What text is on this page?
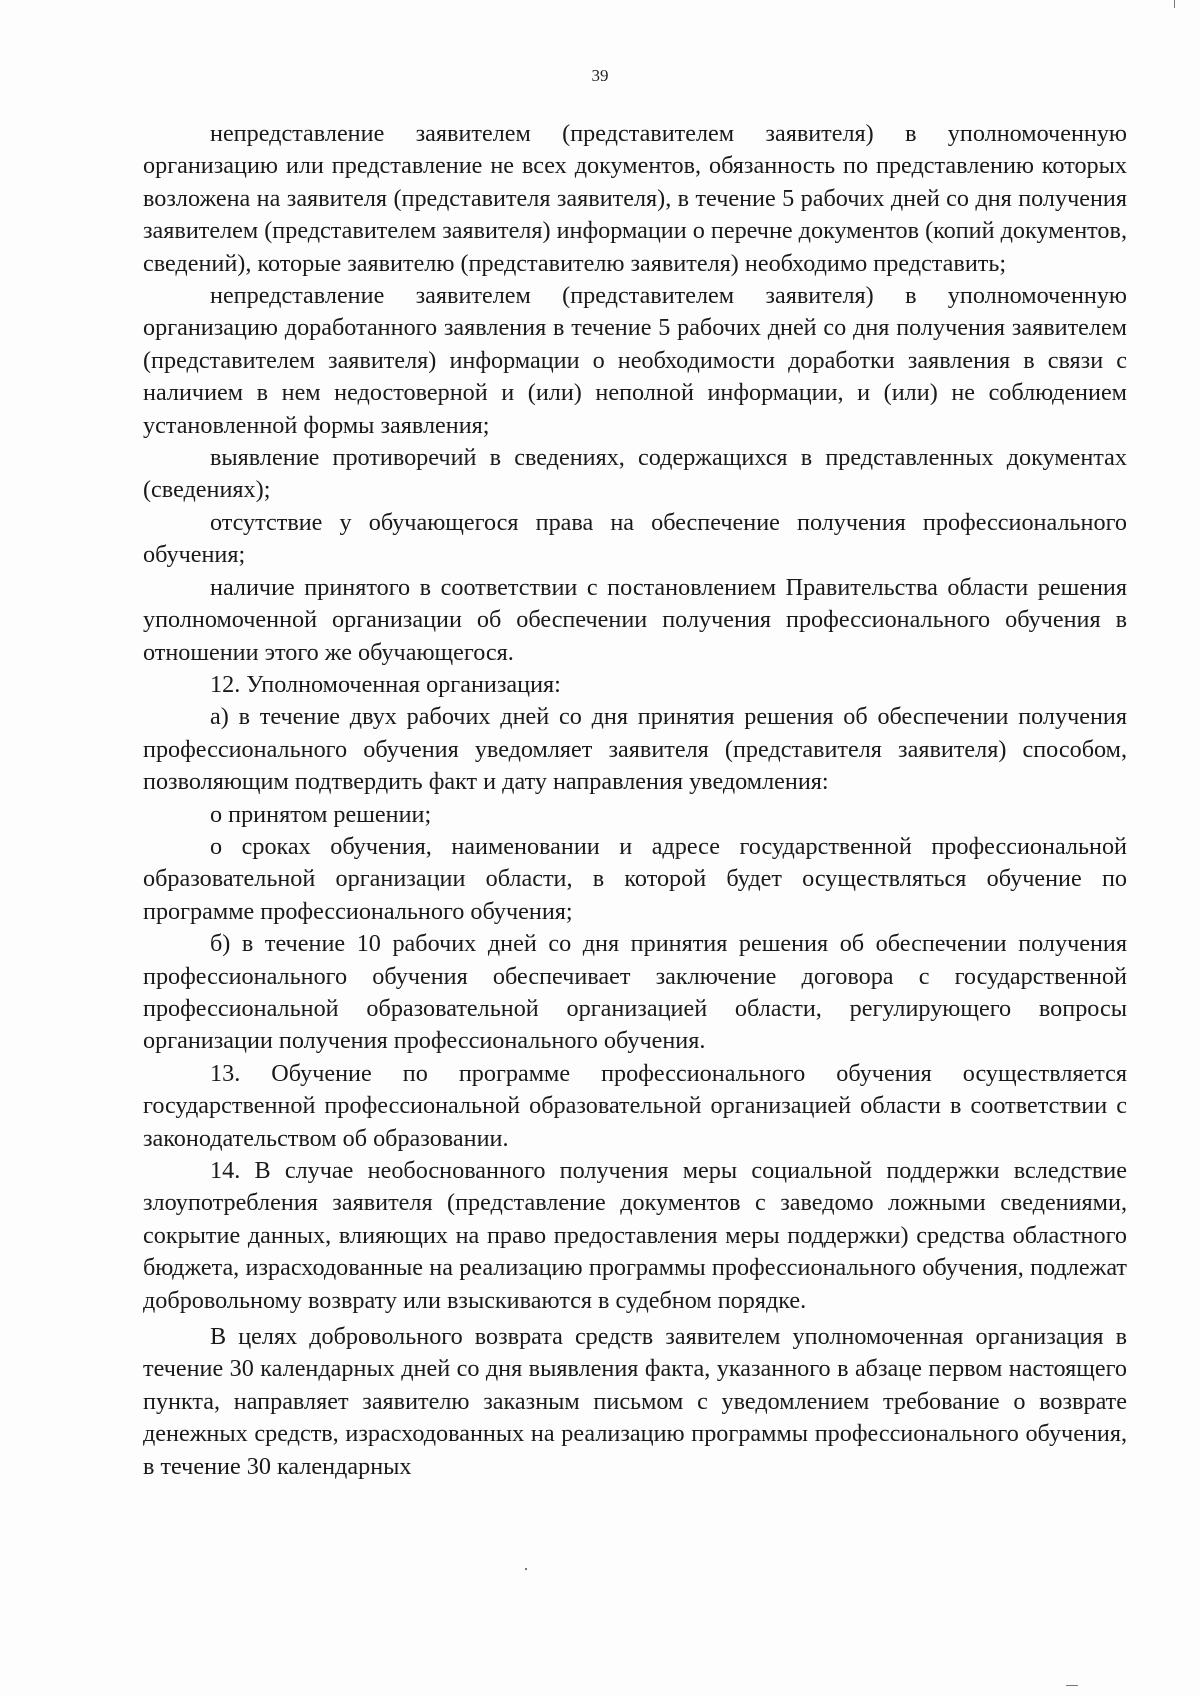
39

непредставление заявителем (представителем заявителя) в уполномоченную организацию или представление не всех документов, обязанность по представлению которых возложена на заявителя (представителя заявителя), в течение 5 рабочих дней со дня получения заявителем (представителем заявителя) информации о перечне документов (копий документов, сведений), которые заявителю (представителю заявителя) необходимо представить;

непредставление заявителем (представителем заявителя) в уполномоченную организацию доработанного заявления в течение 5 рабочих дней со дня получения заявителем (представителем заявителя) информации о необходимости доработки заявления в связи с наличием в нем недостоверной и (или) неполной информации, и (или) не соблюдением установленной формы заявления;

выявление противоречий в сведениях, содержащихся в представленных документах (сведениях);

отсутствие у обучающегося права на обеспечение получения профессионального обучения;

наличие принятого в соответствии с постановлением Правительства области решения уполномоченной организации об обеспечении получения профессионального обучения в отношении этого же обучающегося.

12. Уполномоченная организация:

а) в течение двух рабочих дней со дня принятия решения об обеспечении получения профессионального обучения уведомляет заявителя (представителя заявителя) способом, позволяющим подтвердить факт и дату направления уведомления:

о принятом решении;

о сроках обучения, наименовании и адресе государственной профессиональной образовательной организации области, в которой будет осуществляться обучение по программе профессионального обучения;

б) в течение 10 рабочих дней со дня принятия решения об обеспечении получения профессионального обучения обеспечивает заключение договора с государственной профессиональной образовательной организацией области, регулирующего вопросы организации получения профессионального обучения.

13. Обучение по программе профессионального обучения осуществляется государственной профессиональной образовательной организацией области в соответствии с законодательством об образовании.

14. В случае необоснованного получения меры социальной поддержки вследствие злоупотребления заявителя (представление документов с заведомо ложными сведениями, сокрытие данных, влияющих на право предоставления меры поддержки) средства областного бюджета, израсходованные на реализацию программы профессионального обучения, подлежат добровольному возврату или взыскиваются в судебном порядке.

В целях добровольного возврата средств заявителем уполномоченная организация в течение 30 календарных дней со дня выявления факта, указанного в абзаце первом настоящего пункта, направляет заявителю заказным письмом с уведомлением требование о возврате денежных средств, израсходованных на реализацию программы профессионального обучения, в течение 30 календарных
